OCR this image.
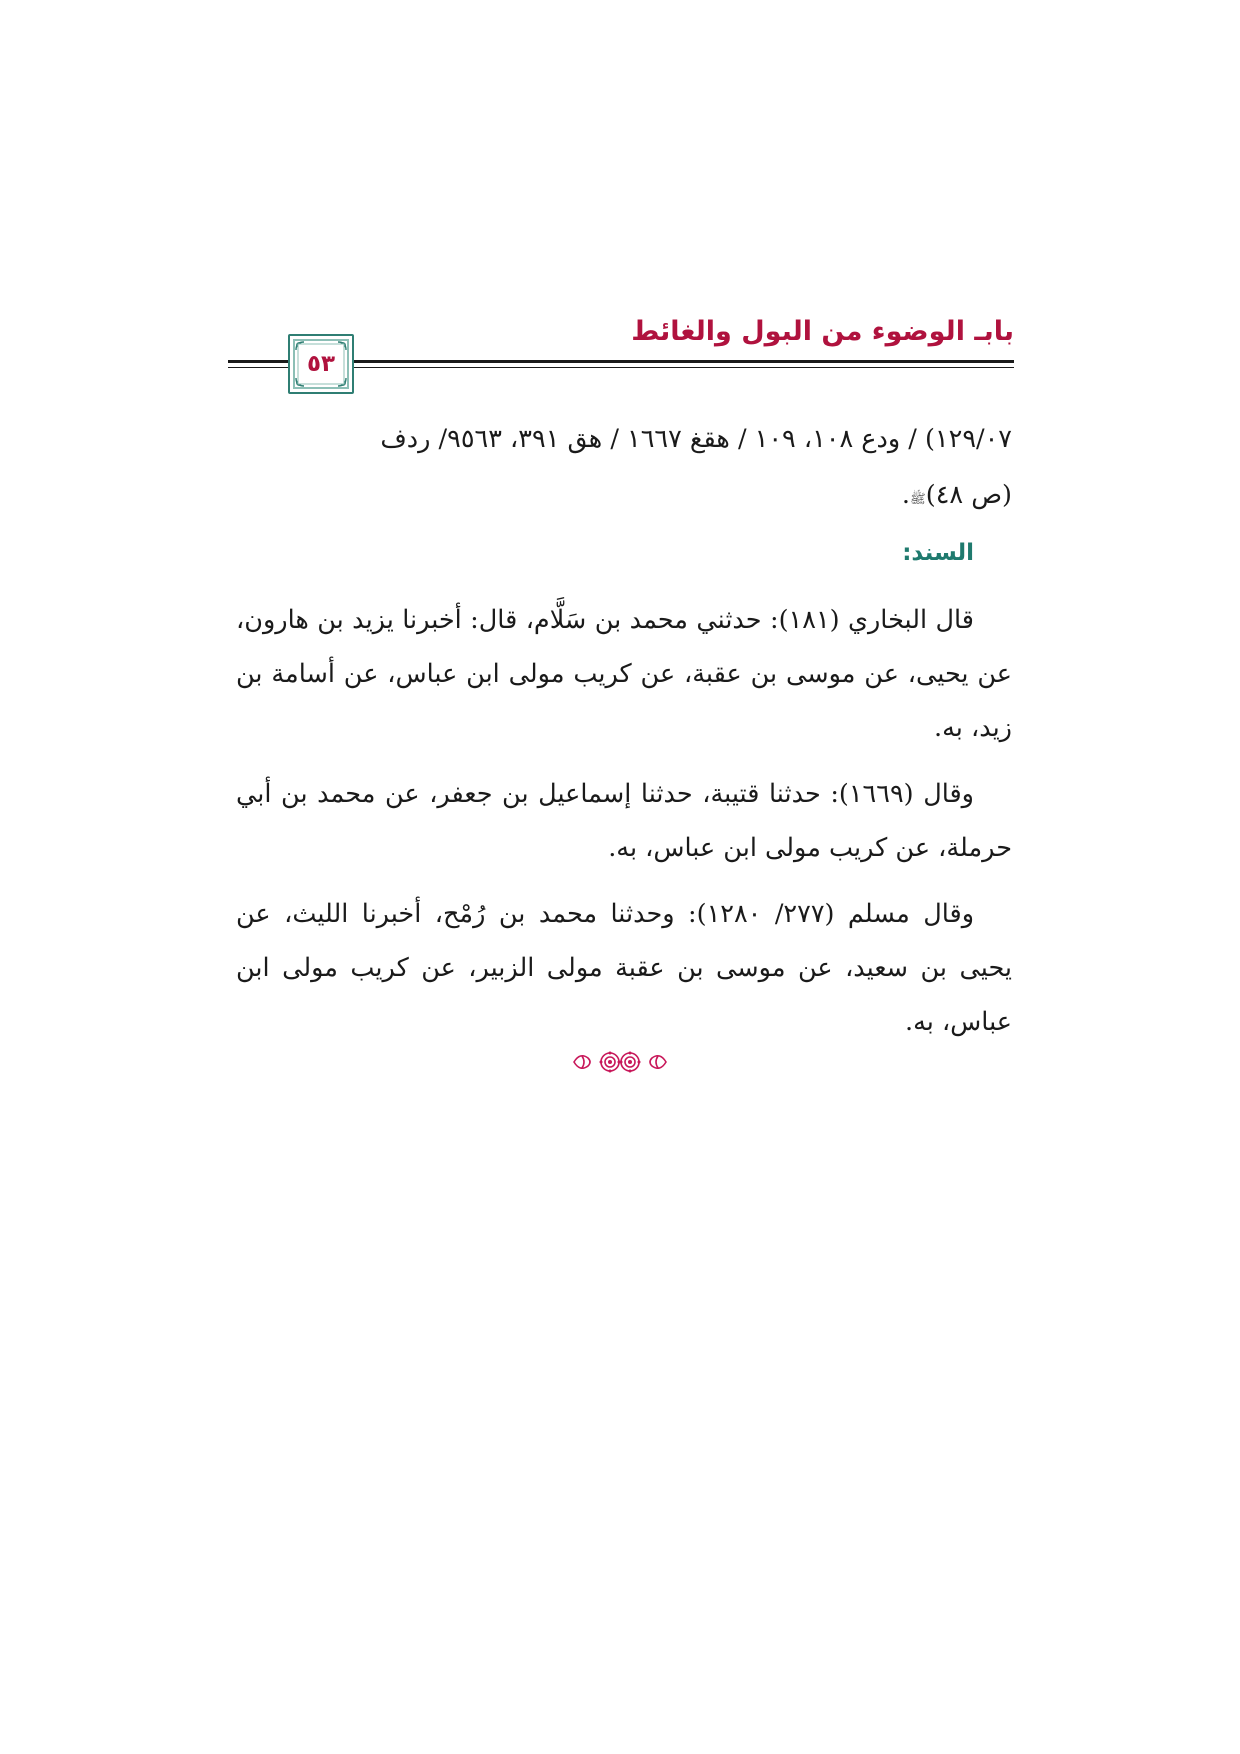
بابـ الوضوء من البول والغائط
٥٣

١٢٩/٠٧) / ودع ١٠٨، ١٠٩ / هقغ ١٦٦٧ / هق ٣٩١، ٩٥٦٣/ ردف

(ص ٤٨)ﷺ.

السند:

قال البخاري (١٨١): حدثني محمد بن سَلَّام، قال: أخبرنا يزيد بن هارون، عن يحيى، عن موسى بن عقبة، عن كريب مولى ابن عباس، عن أسامة بن زيد، به.

وقال (١٦٦٩): حدثنا قتيبة، حدثنا إسماعيل بن جعفر، عن محمد بن أبي حرملة، عن كريب مولى ابن عباس، به.

وقال مسلم (٢٧٧/ ١٢٨٠): وحدثنا محمد بن رُمْح، أخبرنا الليث، عن يحيى بن سعيد، عن موسى بن عقبة مولى الزبير، عن كريب مولى ابن عباس، به.
